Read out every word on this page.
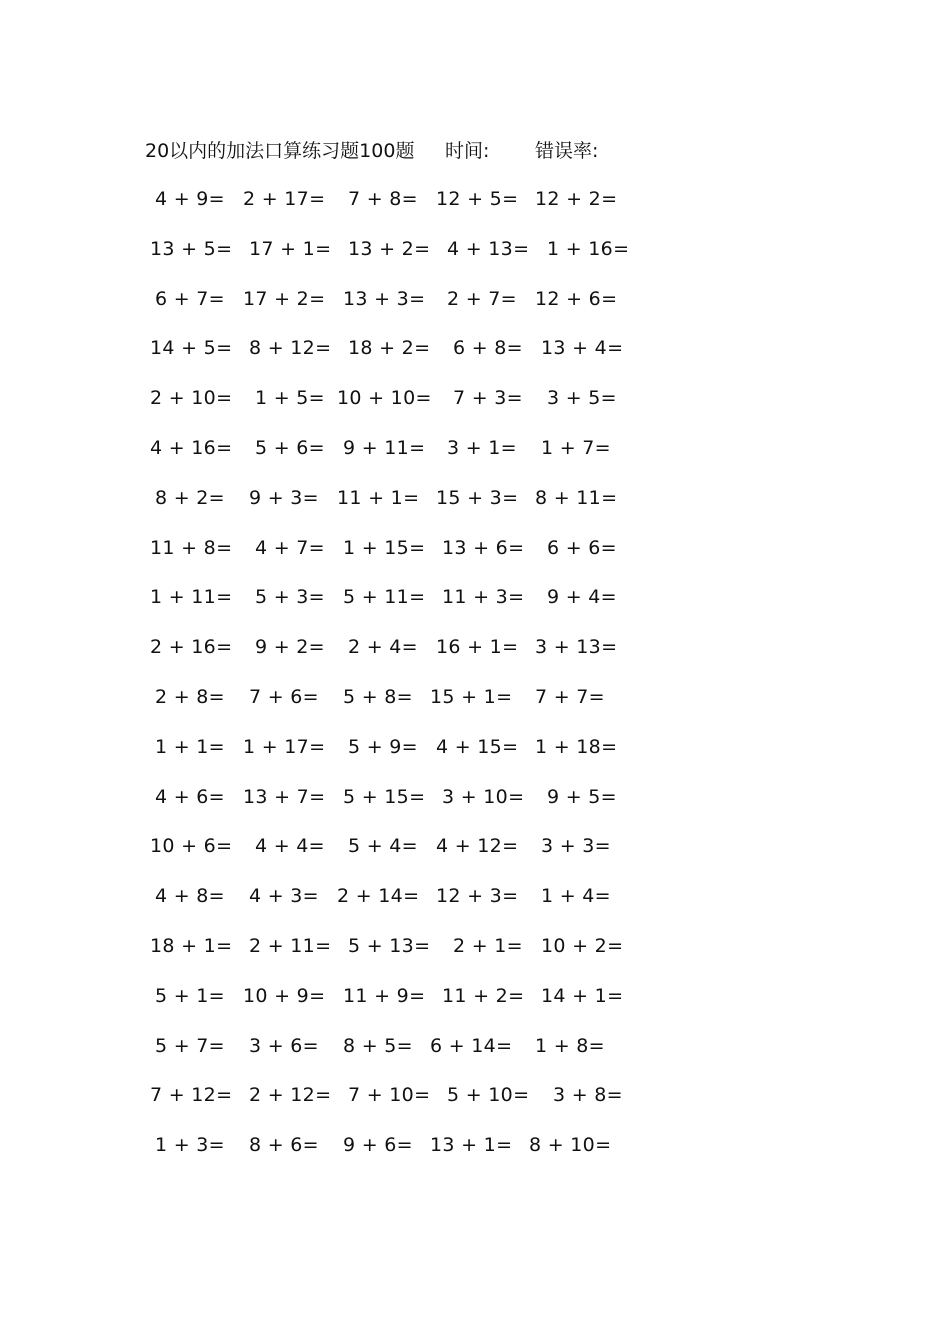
20以内的加法口算练习题100题 时间: 错误率:
4 + 9= 2 + 17= 7 + 8= 12 + 5= 12 + 2=
13 + 5= 17 + 1= 13 + 2= 4 + 13= 1 + 16=
6 + 7= 17 + 2= 13 + 3= 2 + 7= 12 + 6=
14 + 5= 8 + 12= 18 + 2= 6 + 8= 13 + 4=
2 + 10= 1 + 5= 10 + 10= 7 + 3= 3 + 5=
4 + 16= 5 + 6= 9 + 11= 3 + 1= 1 + 7=
8 + 2= 9 + 3= 11 + 1= 15 + 3= 8 + 11=
11 + 8= 4 + 7= 1 + 15= 13 + 6= 6 + 6=
1 + 11= 5 + 3= 5 + 11= 11 + 3= 9 + 4=
2 + 16= 9 + 2= 2 + 4= 16 + 1= 3 + 13=
2 + 8= 7 + 6= 5 + 8= 15 + 1= 7 + 7=
1 + 1= 1 + 17= 5 + 9= 4 + 15= 1 + 18=
4 + 6= 13 + 7= 5 + 15= 3 + 10= 9 + 5=
10 + 6= 4 + 4= 5 + 4= 4 + 12= 3 + 3=
4 + 8= 4 + 3= 2 + 14= 12 + 3= 1 + 4=
18 + 1= 2 + 11= 5 + 13= 2 + 1= 10 + 2=
5 + 1= 10 + 9= 11 + 9= 11 + 2= 14 + 1=
5 + 7= 3 + 6= 8 + 5= 6 + 14= 1 + 8=
7 + 12= 2 + 12= 7 + 10= 5 + 10= 3 + 8=
1 + 3= 8 + 6= 9 + 6= 13 + 1= 8 + 10=
